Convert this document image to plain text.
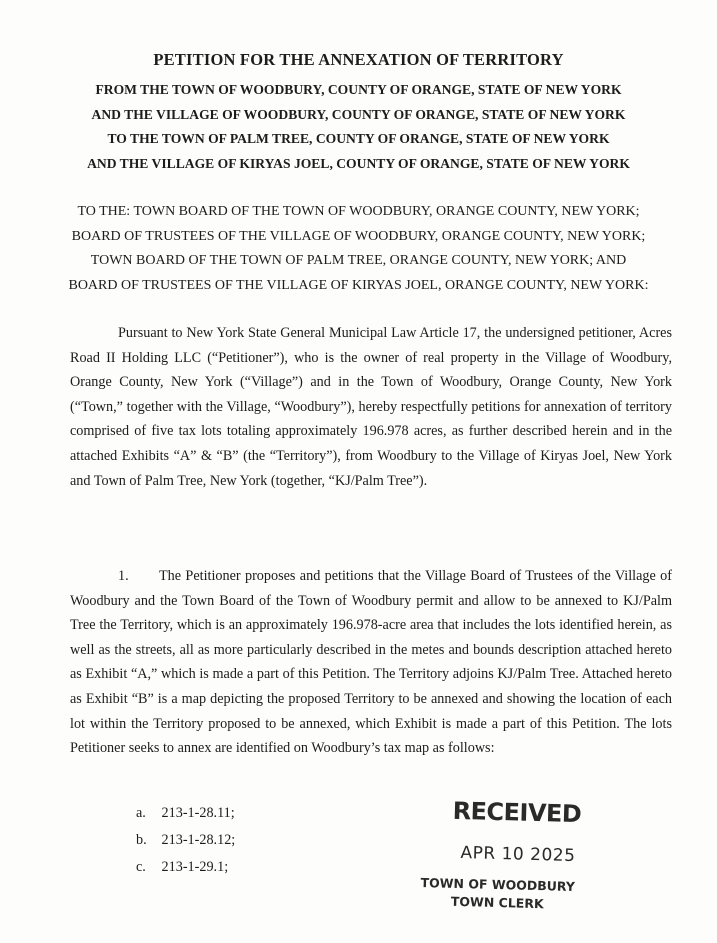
PETITION FOR THE ANNEXATION OF TERRITORY
FROM THE TOWN OF WOODBURY, COUNTY OF ORANGE, STATE OF NEW YORK
AND THE VILLAGE OF WOODBURY, COUNTY OF ORANGE, STATE OF NEW YORK
TO THE TOWN OF PALM TREE, COUNTY OF ORANGE, STATE OF NEW YORK
AND THE VILLAGE OF KIRYAS JOEL, COUNTY OF ORANGE, STATE OF NEW YORK
TO THE: TOWN BOARD OF THE TOWN OF WOODBURY, ORANGE COUNTY, NEW YORK;
BOARD OF TRUSTEES OF THE VILLAGE OF WOODBURY, ORANGE COUNTY, NEW YORK;
TOWN BOARD OF THE TOWN OF PALM TREE, ORANGE COUNTY, NEW YORK; AND
BOARD OF TRUSTEES OF THE VILLAGE OF KIRYAS JOEL, ORANGE COUNTY, NEW YORK:
Pursuant to New York State General Municipal Law Article 17, the undersigned petitioner, Acres Road II Holding LLC (“Petitioner”), who is the owner of real property in the Village of Woodbury, Orange County, New York (“Village”) and in the Town of Woodbury, Orange County, New York (“Town,” together with the Village, “Woodbury”), hereby respectfully petitions for annexation of territory comprised of five tax lots totaling approximately 196.978 acres, as further described herein and in the attached Exhibits “A” & “B” (the “Territory”), from Woodbury to the Village of Kiryas Joel, New York and Town of Palm Tree, New York (together, “KJ/Palm Tree”).
1. The Petitioner proposes and petitions that the Village Board of Trustees of the Village of Woodbury and the Town Board of the Town of Woodbury permit and allow to be annexed to KJ/Palm Tree the Territory, which is an approximately 196.978-acre area that includes the lots identified herein, as well as the streets, all as more particularly described in the metes and bounds description attached hereto as Exhibit “A,” which is made a part of this Petition. The Territory adjoins KJ/Palm Tree. Attached hereto as Exhibit “B” is a map depicting the proposed Territory to be annexed and showing the location of each lot within the Territory proposed to be annexed, which Exhibit is made a part of this Petition. The lots Petitioner seeks to annex are identified on Woodbury’s tax map as follows:
a. 213-1-28.11;
b. 213-1-28.12;
c. 213-1-29.1;
RECEIVED
APR 10 2025
TOWN OF WOODBURY
TOWN CLERK
